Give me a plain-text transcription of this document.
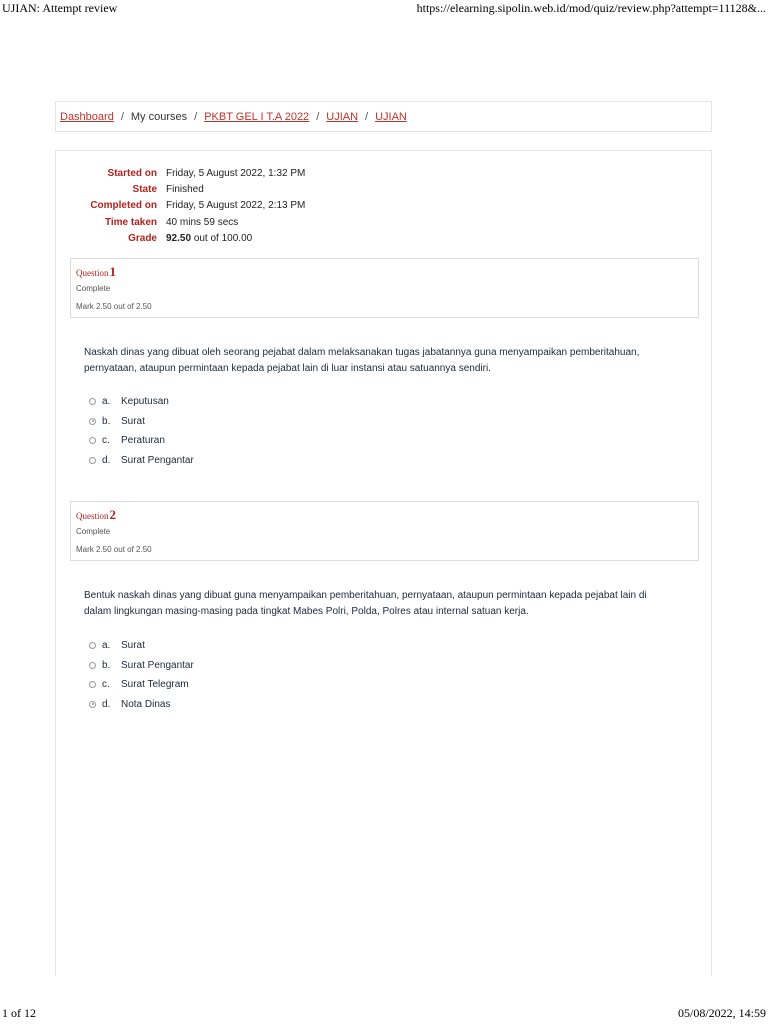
UJIAN: Attempt review	https://elearning.sipolin.web.id/mod/quiz/review.php?attempt=11128&...
Dashboard / My courses / PKBT GEL I T.A 2022 / UJIAN / UJIAN
Started on Friday, 5 August 2022, 1:32 PM
State Finished
Completed on Friday, 5 August 2022, 2:13 PM
Time taken 40 mins 59 secs
Grade 92.50 out of 100.00
Question1
Complete
Mark 2.50 out of 2.50
Naskah dinas yang dibuat oleh seorang pejabat dalam melaksanakan tugas jabatannya guna menyampaikan pemberitahuan, pernyataan, ataupun permintaan kepada pejabat lain di luar instansi atau satuannya sendiri.
a.	Keputusan
b.	Surat
c.	Peraturan
d.	Surat Pengantar
Question2
Complete
Mark 2.50 out of 2.50
Bentuk naskah dinas yang dibuat guna menyampaikan pemberitahuan, pernyataan, ataupun permintaan kepada pejabat lain di dalam lingkungan masing-masing pada tingkat Mabes Polri, Polda, Polres atau internal satuan kerja.
a.	Surat
b.	Surat Pengantar
c.	Surat Telegram
d.	Nota Dinas
1 of 12	05/08/2022, 14:59
